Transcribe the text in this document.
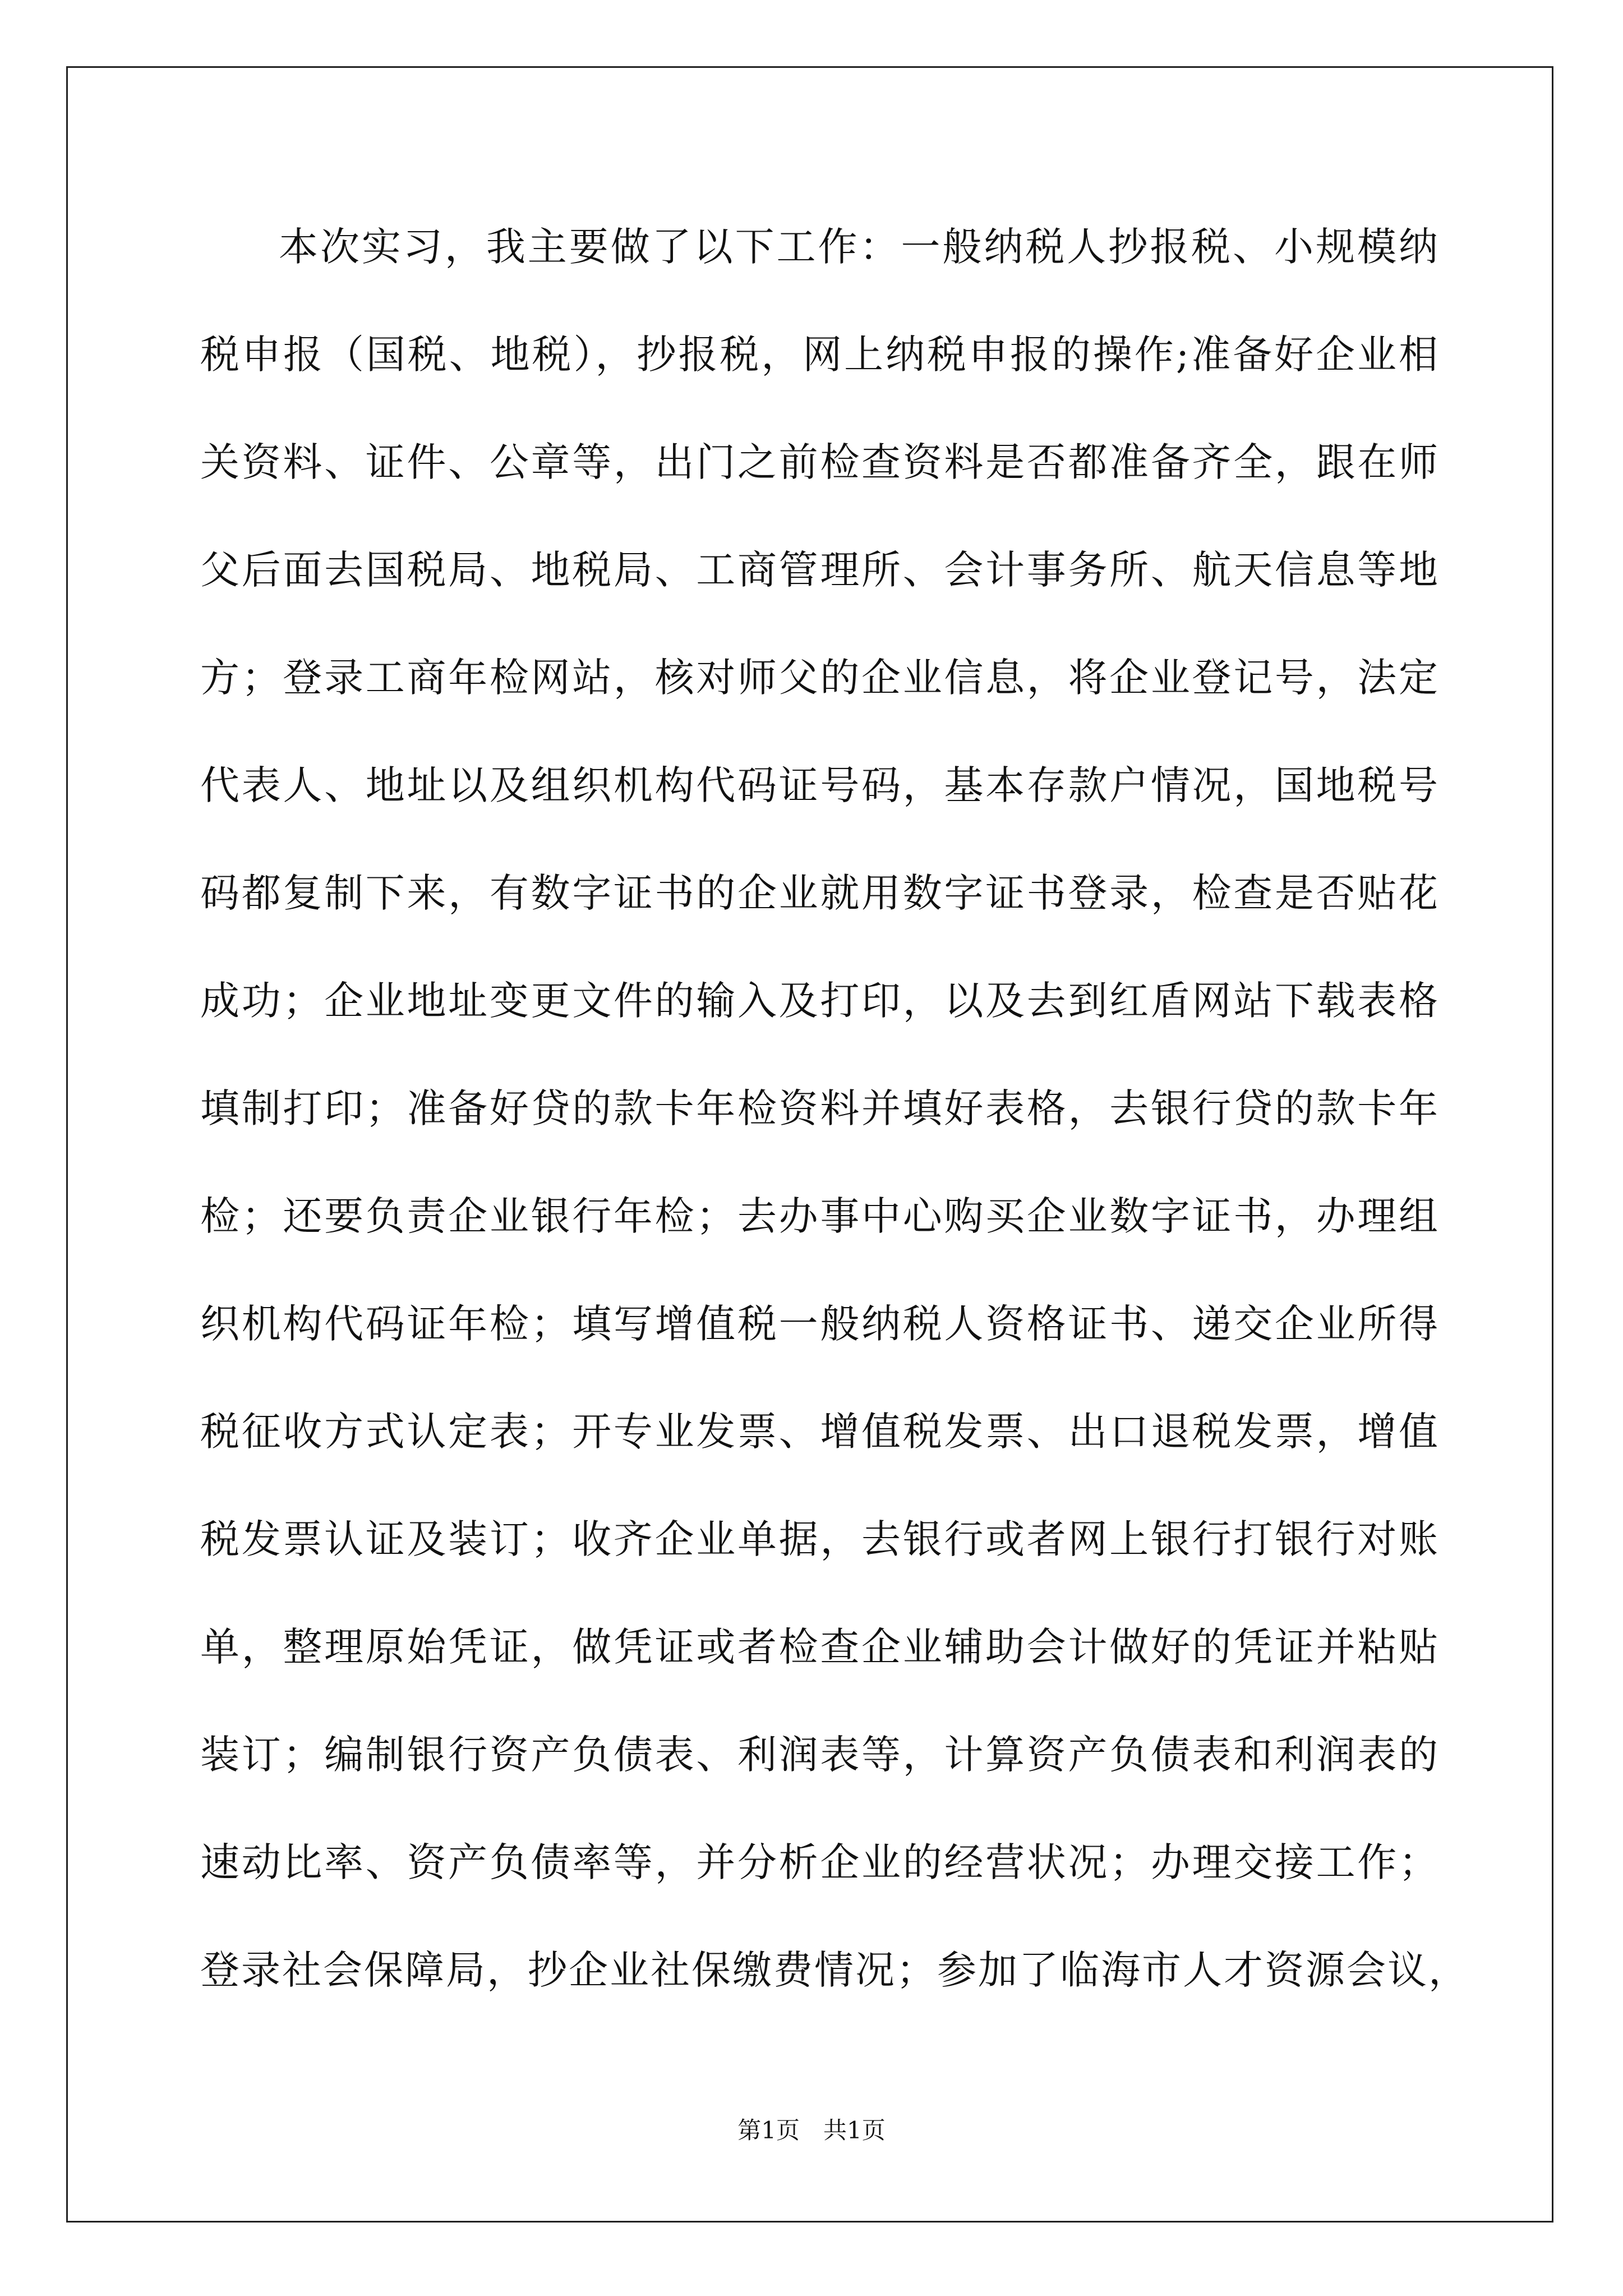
本次实习，我主要做了以下工作：一般纳税人抄报税、小规模纳
税申报（国税、地税），抄报税，网上纳税申报的操作;准备好企业相
关资料、证件、公章等，出门之前检查资料是否都准备齐全，跟在师
父后面去国税局、地税局、工商管理所、会计事务所、航天信息等地
方；登录工商年检网站，核对师父的企业信息，将企业登记号，法定
代表人、地址以及组织机构代码证号码，基本存款户情况，国地税号
码都复制下来，有数字证书的企业就用数字证书登录，检查是否贴花
成功；企业地址变更文件的输入及打印，以及去到红盾网站下载表格
填制打印；准备好贷的款卡年检资料并填好表格，去银行贷的款卡年
检；还要负责企业银行年检；去办事中心购买企业数字证书，办理组
织机构代码证年检；填写增值税一般纳税人资格证书、递交企业所得
税征收方式认定表；开专业发票、增值税发票、出口退税发票，增值
税发票认证及装订；收齐企业单据，去银行或者网上银行打银行对账
单，整理原始凭证，做凭证或者检查企业辅助会计做好的凭证并粘贴
装订；编制银行资产负债表、利润表等，计算资产负债表和利润表的
速动比率、资产负债率等，并分析企业的经营状况；办理交接工作；
登录社会保障局，抄企业社保缴费情况；参加了临海市人才资源会议，
第1页 共1页
